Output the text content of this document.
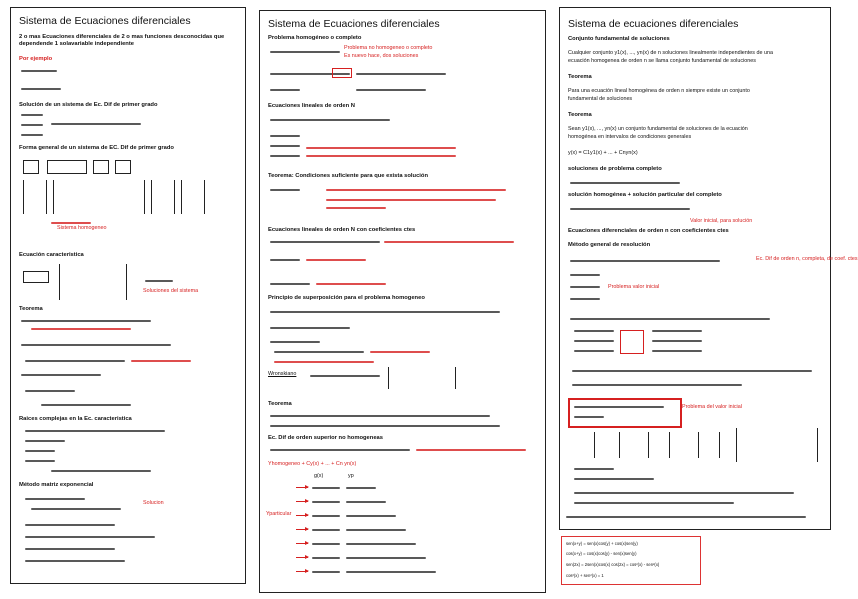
Sistema de Ecuaciones diferenciales
2 o mas Ecuaciones diferenciales de 2 o mas funciones desconocidas que
dependende 1 solavariable independiente
Por ejemplo
Solución de un sistema de Ec. Dif de primer grado
Forma general de un sistema de EC. Dif de primer grado
Sistema homogeneo
Ecuación caracteristica
Soluciones del sistema
Teorema
Raices complejas en la Ec. caracteristica
Método matriz exponencial
Solucion
Sistema de Ecuaciones diferenciales
Problema homogéneo o completo
Problema no homogeneo o completo
Es nuevo hace, dos soluciones
Ecuaciones lineales de orden N
Teorema: Condiciones suficiente para que exista solución
Ecuaciones lineales de orden N con coeficientes ctes
Principio de superposición para el problema homogeneo
Wronskiano
Teorema
Ec. Dif de orden superior no homogeneas
Yhomogeneo + Cy(x) + ... + Cn yn(x)
g(x)	yp
Yparticular
Sistema de ecuaciones diferenciales
Conjunto fundamental de soluciones
Cualquier conjunto y1(x), ..., yn(x) de n soluciones linealmente independientes de una
ecuación homogenea de orden n se llama conjunto fundamental de soluciones
Teorema
Para una ecuación lineal homogénea de orden n siempre existe un conjunto
fundamental de soluciones
Teorema
Sean y1(x), ..., yn(x) un conjunto fundamental de soluciones de la ecuación
homogénea en intervalos de condiciones generales
y(x) = C1y1(x) + ... + Cnyn(x)
soluciones de problema completo
solución homogénea + solución particular del completo
Valor inicial, para solución
Ecuaciones diferenciales de orden n con coeficientes ctes
Método general de resolución
Ec. Dif de orden n, completa, de coef. ctes
Problema valor inicial
Problema del valor inicial
sen(x+y) = sen(x)cos(y) + cos(x)sen(y)
cos(x+y) = cos(x)cos(y) - sen(x)sen(y)
sen(2x) = 2sen(x)cos(x) cos(2x) = cos²(x) - sen²(x)
cos²(x) + sen²(x) = 1
